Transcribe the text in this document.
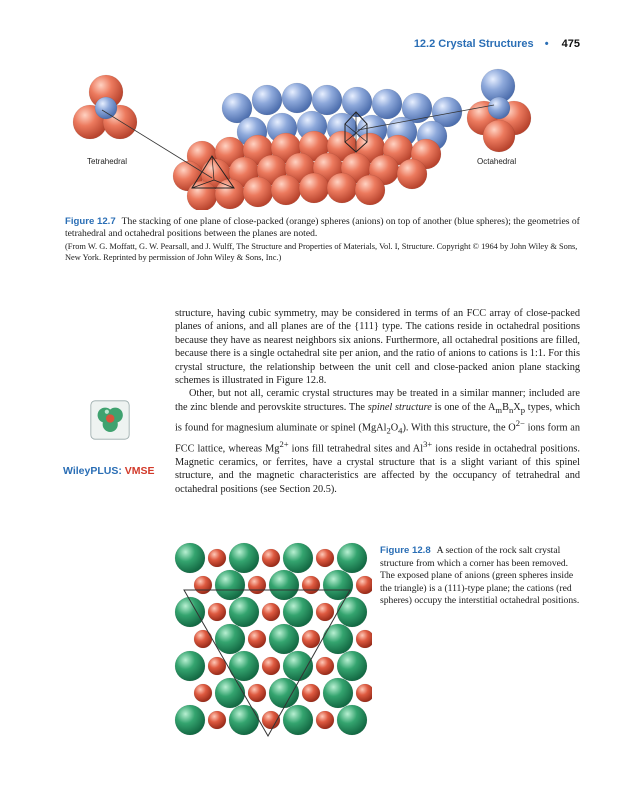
12.2 Crystal Structures • 475
Tetrahedral	Octahedral
Figure 12.7 The stacking of one plane of close-packed (orange) spheres (anions) on top of another (blue spheres); the geometries of tetrahedral and octahedral positions between the planes are noted.
(From W. G. Moffatt, G. W. Pearsall, and J. Wulff, The Structure and Properties of Materials, Vol. I, Structure. Copyright © 1964 by John Wiley & Sons, New York. Reprinted by permission of John Wiley & Sons, Inc.)

structure, having cubic symmetry, may be considered in terms of an FCC array of close-packed planes of anions, and all planes are of the {111} type. The cations reside in octahedral positions because they have as nearest neighbors six anions. Furthermore, all octahedral positions are filled, because there is a single octahedral site per anion, and the ratio of anions to cations is 1:1. For this crystal structure, the relationship between the unit cell and close-packed anion plane stacking schemes is illustrated in Figure 12.8.

Other, but not all, ceramic crystal structures may be treated in a similar manner; included are the zinc blende and perovskite structures. The spinel structure is one of the $A_mB_nX_p$ types, which is found for magnesium aluminate or spinel $(MgAl_2O_4)$. With this structure, the $O^{2-}$ ions form an FCC lattice, whereas $Mg^{2+}$ ions fill tetrahedral sites and $Al^{3+}$ ions reside in octahedral positions. Magnetic ceramics, or ferrites, have a crystal structure that is a slight variant of this spinel structure, and the magnetic characteristics are affected by the occupancy of tetrahedral and octahedral positions (see Section 20.5).

WileyPLUS: VMSE
Figure 12.8 A section of the rock salt crystal structure from which a corner has been removed. The exposed plane of anions (green spheres inside the triangle) is a (111)-type plane; the cations (red spheres) occupy the interstitial octahedral positions.
